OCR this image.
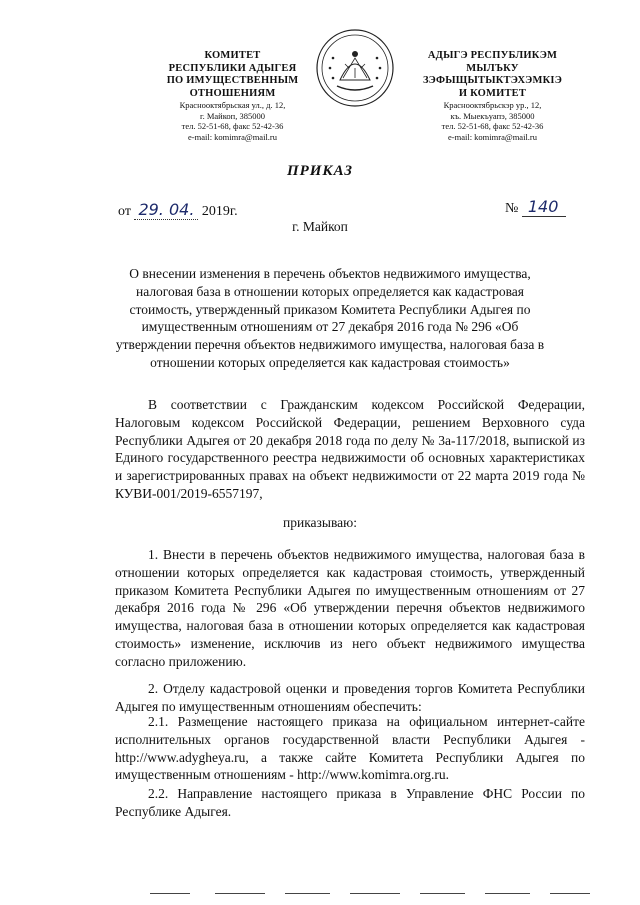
КОМИТЕТ
РЕСПУБЛИКИ АДЫГЕЯ
ПО ИМУЩЕСТВЕННЫМ ОТНОШЕНИЯМ
Краснооктябрьская ул., д. 12,
г. Майкоп, 385000
тел. 52-51-68, факс 52-42-36
e-mail: komimra@mail.ru
АДЫГЭ РЕСПУБЛИКЭМ
МЫЛЪКУ ЗЭФЫЩЫТЫКТЭХЭМКІЭ
И КОМИТЕТ
Краснооктябрьскэр ур., 12,
къ. Мыекъуапэ, 385000
тел. 52-51-68, факс 52-42-36
e-mail: komimra@mail.ru
ПРИКАЗ
от 29. 04. 2019г.	№ 140
г. Майкоп
О внесении изменения в перечень объектов недвижимого имущества, налоговая база в отношении которых определяется как кадастровая стоимость, утвержденный приказом Комитета Республики Адыгея по имущественным отношениям от 27 декабря 2016 года № 296 «Об утверждении перечня объектов недвижимого имущества, налоговая база в отношении которых определяется как кадастровая стоимость»
В соответствии с Гражданским кодексом Российской Федерации, Налоговым кодексом Российской Федерации, решением Верховного суда Республики Адыгея от 20 декабря 2018 года по делу № 3а-117/2018, выпиской из Единого государственного реестра недвижимости об основных характеристиках и зарегистрированных правах на объект недвижимости от 22 марта 2019 года № КУВИ-001/2019-6557197,
приказываю:
1. Внести в перечень объектов недвижимого имущества, налоговая база в отношении которых определяется как кадастровая стоимость, утвержденный приказом Комитета Республики Адыгея по имущественным отношениям от 27 декабря 2016 года № 296 «Об утверждении перечня объектов недвижимого имущества, налоговая база в отношении которых определяется как кадастровая стоимость» изменение, исключив из него объект недвижимого имущества согласно приложению.
2. Отделу кадастровой оценки и проведения торгов Комитета Республики Адыгея по имущественным отношениям обеспечить:
2.1. Размещение настоящего приказа на официальном интернет-сайте исполнительных органов государственной власти Республики Адыгея - http://www.adygheya.ru, а также сайте Комитета Республики Адыгея по имущественным отношениям - http://www.komimra.org.ru.
2.2. Направление настоящего приказа в Управление ФНС России по Республике Адыгея.
